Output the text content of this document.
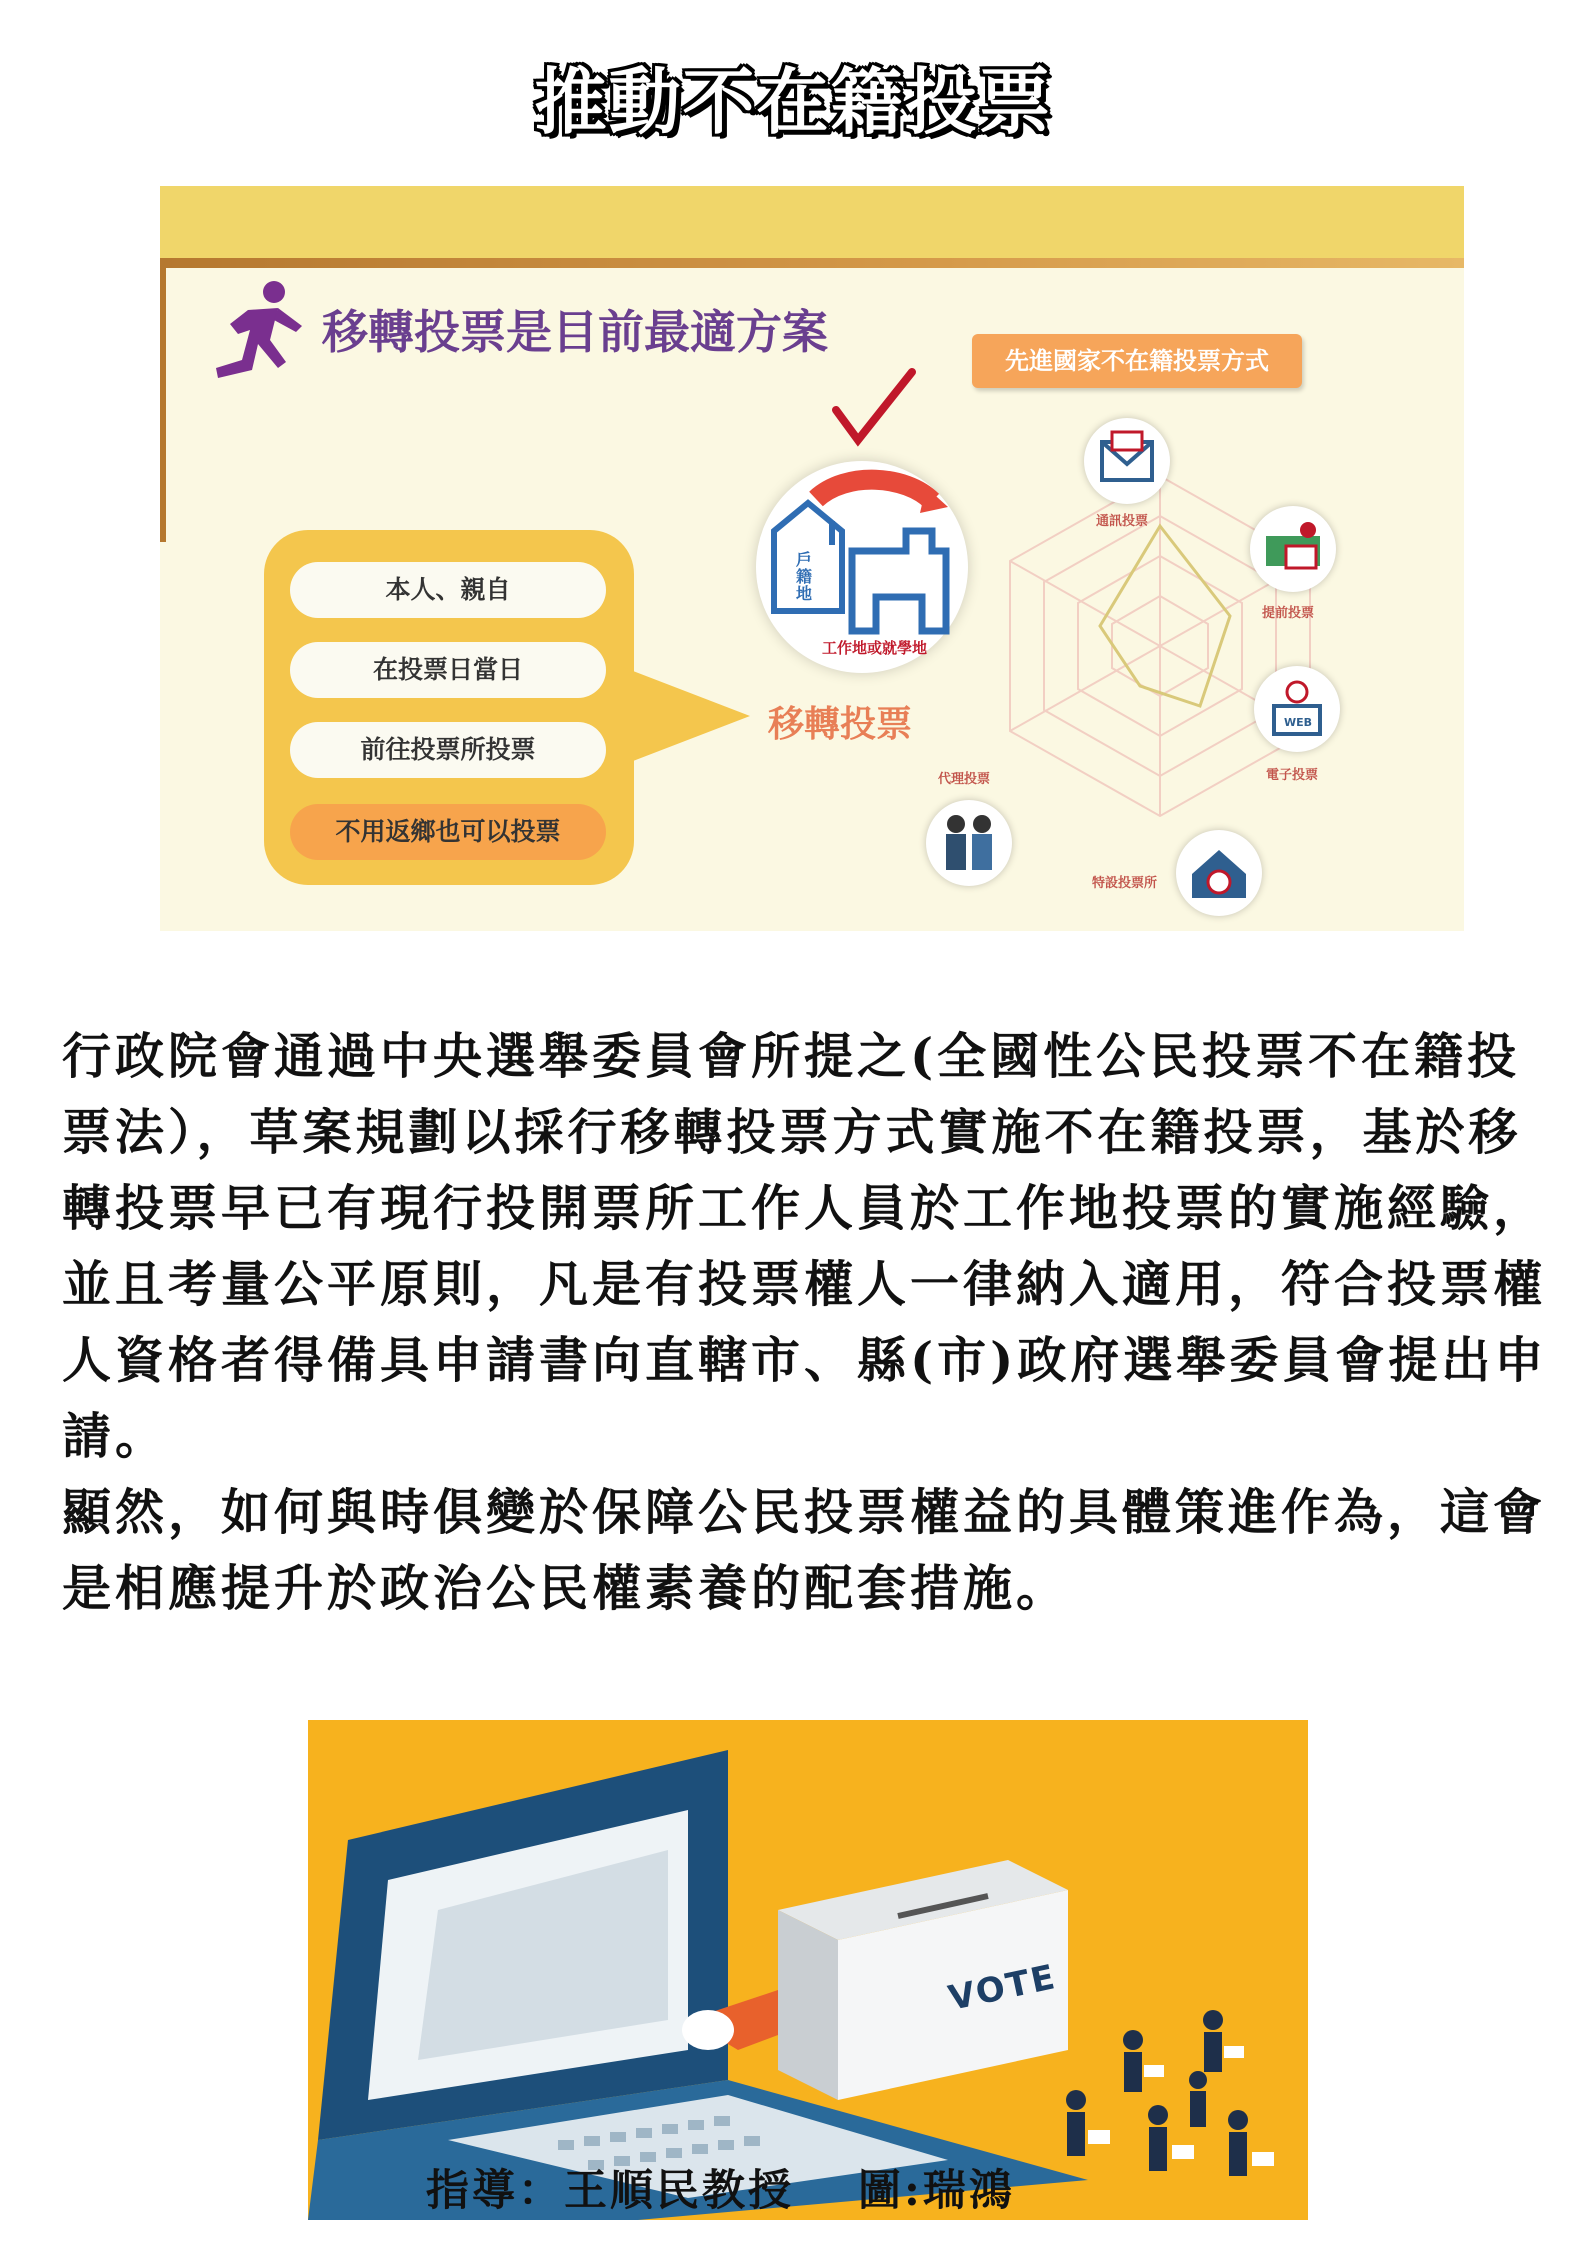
推動不在籍投票
移轉投票是目前最適方案
先進國家不在籍投票方式
本人、親自
在投票日當日
前往投票所投票
不用返鄉也可以投票
移轉
戶籍地
工作地或就學地
移轉投票
通訊投票
提前投票
WEB
電子投票
特設投票所
代理投票

行政院會通過中央選舉委員會所提之(全國性公民投票不在籍投票法），草案規劃以採行移轉投票方式實施不在籍投票，基於移轉投票早已有現行投開票所工作人員於工作地投票的實施經驗，並且考量公平原則，凡是有投票權人一律納入適用，符合投票權人資格者得備具申請書向直轄市、縣(市)政府選舉委員會提出申請。

顯然，如何與時俱變於保障公民投票權益的具體策進作為，這會是相應提升於政治公民權素養的配套措施。

VOTE
指導：王順民教授　 圖:瑞鴻
